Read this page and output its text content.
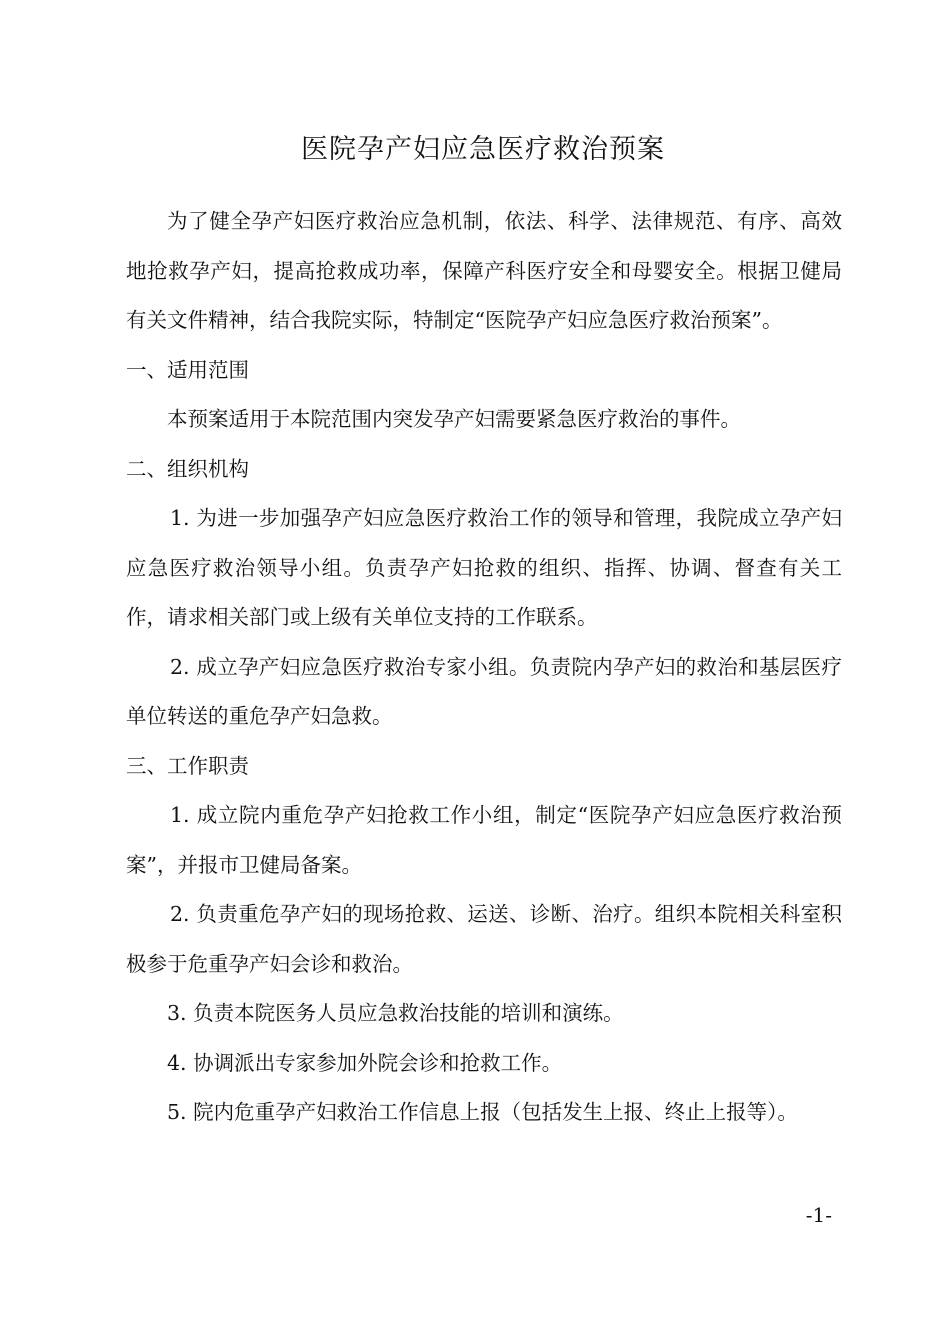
医院孕产妇应急医疗救治预案

为了健全孕产妇医疗救治应急机制，依法、科学、法律规范、有序、高效地抢救孕产妇，提高抢救成功率，保障产科医疗安全和母婴安全。根据卫健局有关文件精神，结合我院实际，特制定“医院孕产妇应急医疗救治预案”。

一、适用范围

本预案适用于本院范围内突发孕产妇需要紧急医疗救治的事件。

二、组织机构

1. 为进一步加强孕产妇应急医疗救治工作的领导和管理，我院成立孕产妇应急医疗救治领导小组。负责孕产妇抢救的组织、指挥、协调、督查有关工作，请求相关部门或上级有关单位支持的工作联系。

2. 成立孕产妇应急医疗救治专家小组。负责院内孕产妇的救治和基层医疗单位转送的重危孕产妇急救。

三、工作职责

1. 成立院内重危孕产妇抢救工作小组，制定“医院孕产妇应急医疗救治预案”，并报市卫健局备案。

2. 负责重危孕产妇的现场抢救、运送、诊断、治疗。组织本院相关科室积极参于危重孕产妇会诊和救治。

3. 负责本院医务人员应急救治技能的培训和演练。

4. 协调派出专家参加外院会诊和抢救工作。

5. 院内危重孕产妇救治工作信息上报（包括发生上报、终止上报等）。

-1-
